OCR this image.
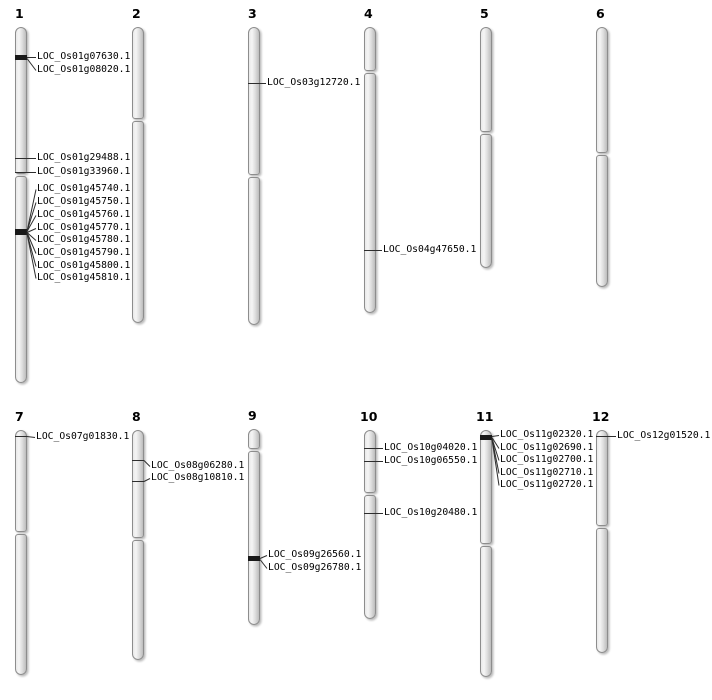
1
LOC_Os01g07630.1
LOC_Os01g08020.1
LOC_Os01g29488.1
LOC_Os01g33960.1
LOC_Os01g45740.1
LOC_Os01g45750.1
LOC_Os01g45760.1
LOC_Os01g45770.1
LOC_Os01g45780.1
LOC_Os01g45790.1
LOC_Os01g45800.1
LOC_Os01g45810.1
2	3
LOC_Os03g12720.1
4
LOC_Os04g47650.1
5	6
7
LOC_Os07g01830.1
8
LOC_Os08g06280.1
LOC_Os08g10810.1
9
LOC_Os09g26560.1
LOC_Os09g26780.1
10
LOC_Os10g04020.1
LOC_Os10g06550.1
LOC_Os10g20480.1
11
LOC_Os11g02320.1
LOC_Os11g02690.1
LOC_Os11g02700.1
LOC_Os11g02710.1
LOC_Os11g02720.1
12
LOC_Os12g01520.1
